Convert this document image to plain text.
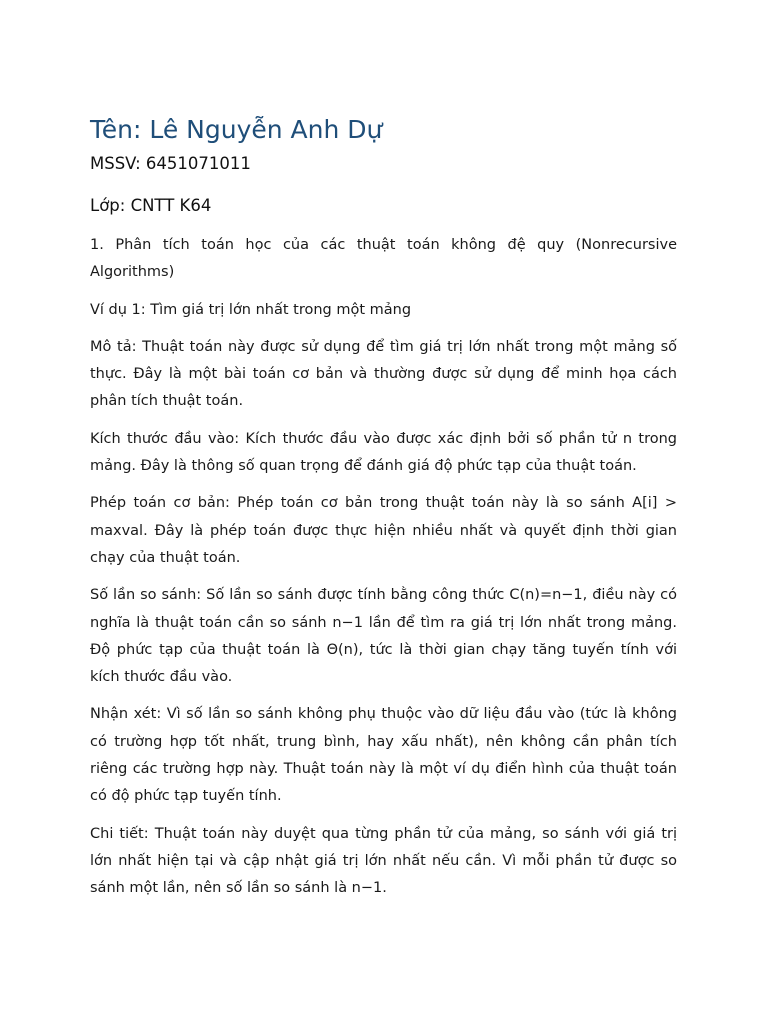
Tên: Lê Nguyễn Anh Dự

MSSV: 6451071011

Lớp: CNTT K64

1. Phân tích toán học của các thuật toán không đệ quy (Nonrecursive Algorithms)

Ví dụ 1: Tìm giá trị lớn nhất trong một mảng

Mô tả: Thuật toán này được sử dụng để tìm giá trị lớn nhất trong một mảng số thực. Đây là một bài toán cơ bản và thường được sử dụng để minh họa cách phân tích thuật toán.

Kích thước đầu vào: Kích thước đầu vào được xác định bởi số phần tử n trong mảng. Đây là thông số quan trọng để đánh giá độ phức tạp của thuật toán.

Phép toán cơ bản: Phép toán cơ bản trong thuật toán này là so sánh A[i] > maxval. Đây là phép toán được thực hiện nhiều nhất và quyết định thời gian chạy của thuật toán.

Số lần so sánh: Số lần so sánh được tính bằng công thức C(n)=n−1, điều này có nghĩa là thuật toán cần so sánh n−1 lần để tìm ra giá trị lớn nhất trong mảng. Độ phức tạp của thuật toán là Θ(n), tức là thời gian chạy tăng tuyến tính với kích thước đầu vào.

Nhận xét: Vì số lần so sánh không phụ thuộc vào dữ liệu đầu vào (tức là không có trường hợp tốt nhất, trung bình, hay xấu nhất), nên không cần phân tích riêng các trường hợp này. Thuật toán này là một ví dụ điển hình của thuật toán có độ phức tạp tuyến tính.

Chi tiết: Thuật toán này duyệt qua từng phần tử của mảng, so sánh với giá trị lớn nhất hiện tại và cập nhật giá trị lớn nhất nếu cần. Vì mỗi phần tử được so sánh một lần, nên số lần so sánh là n−1.
